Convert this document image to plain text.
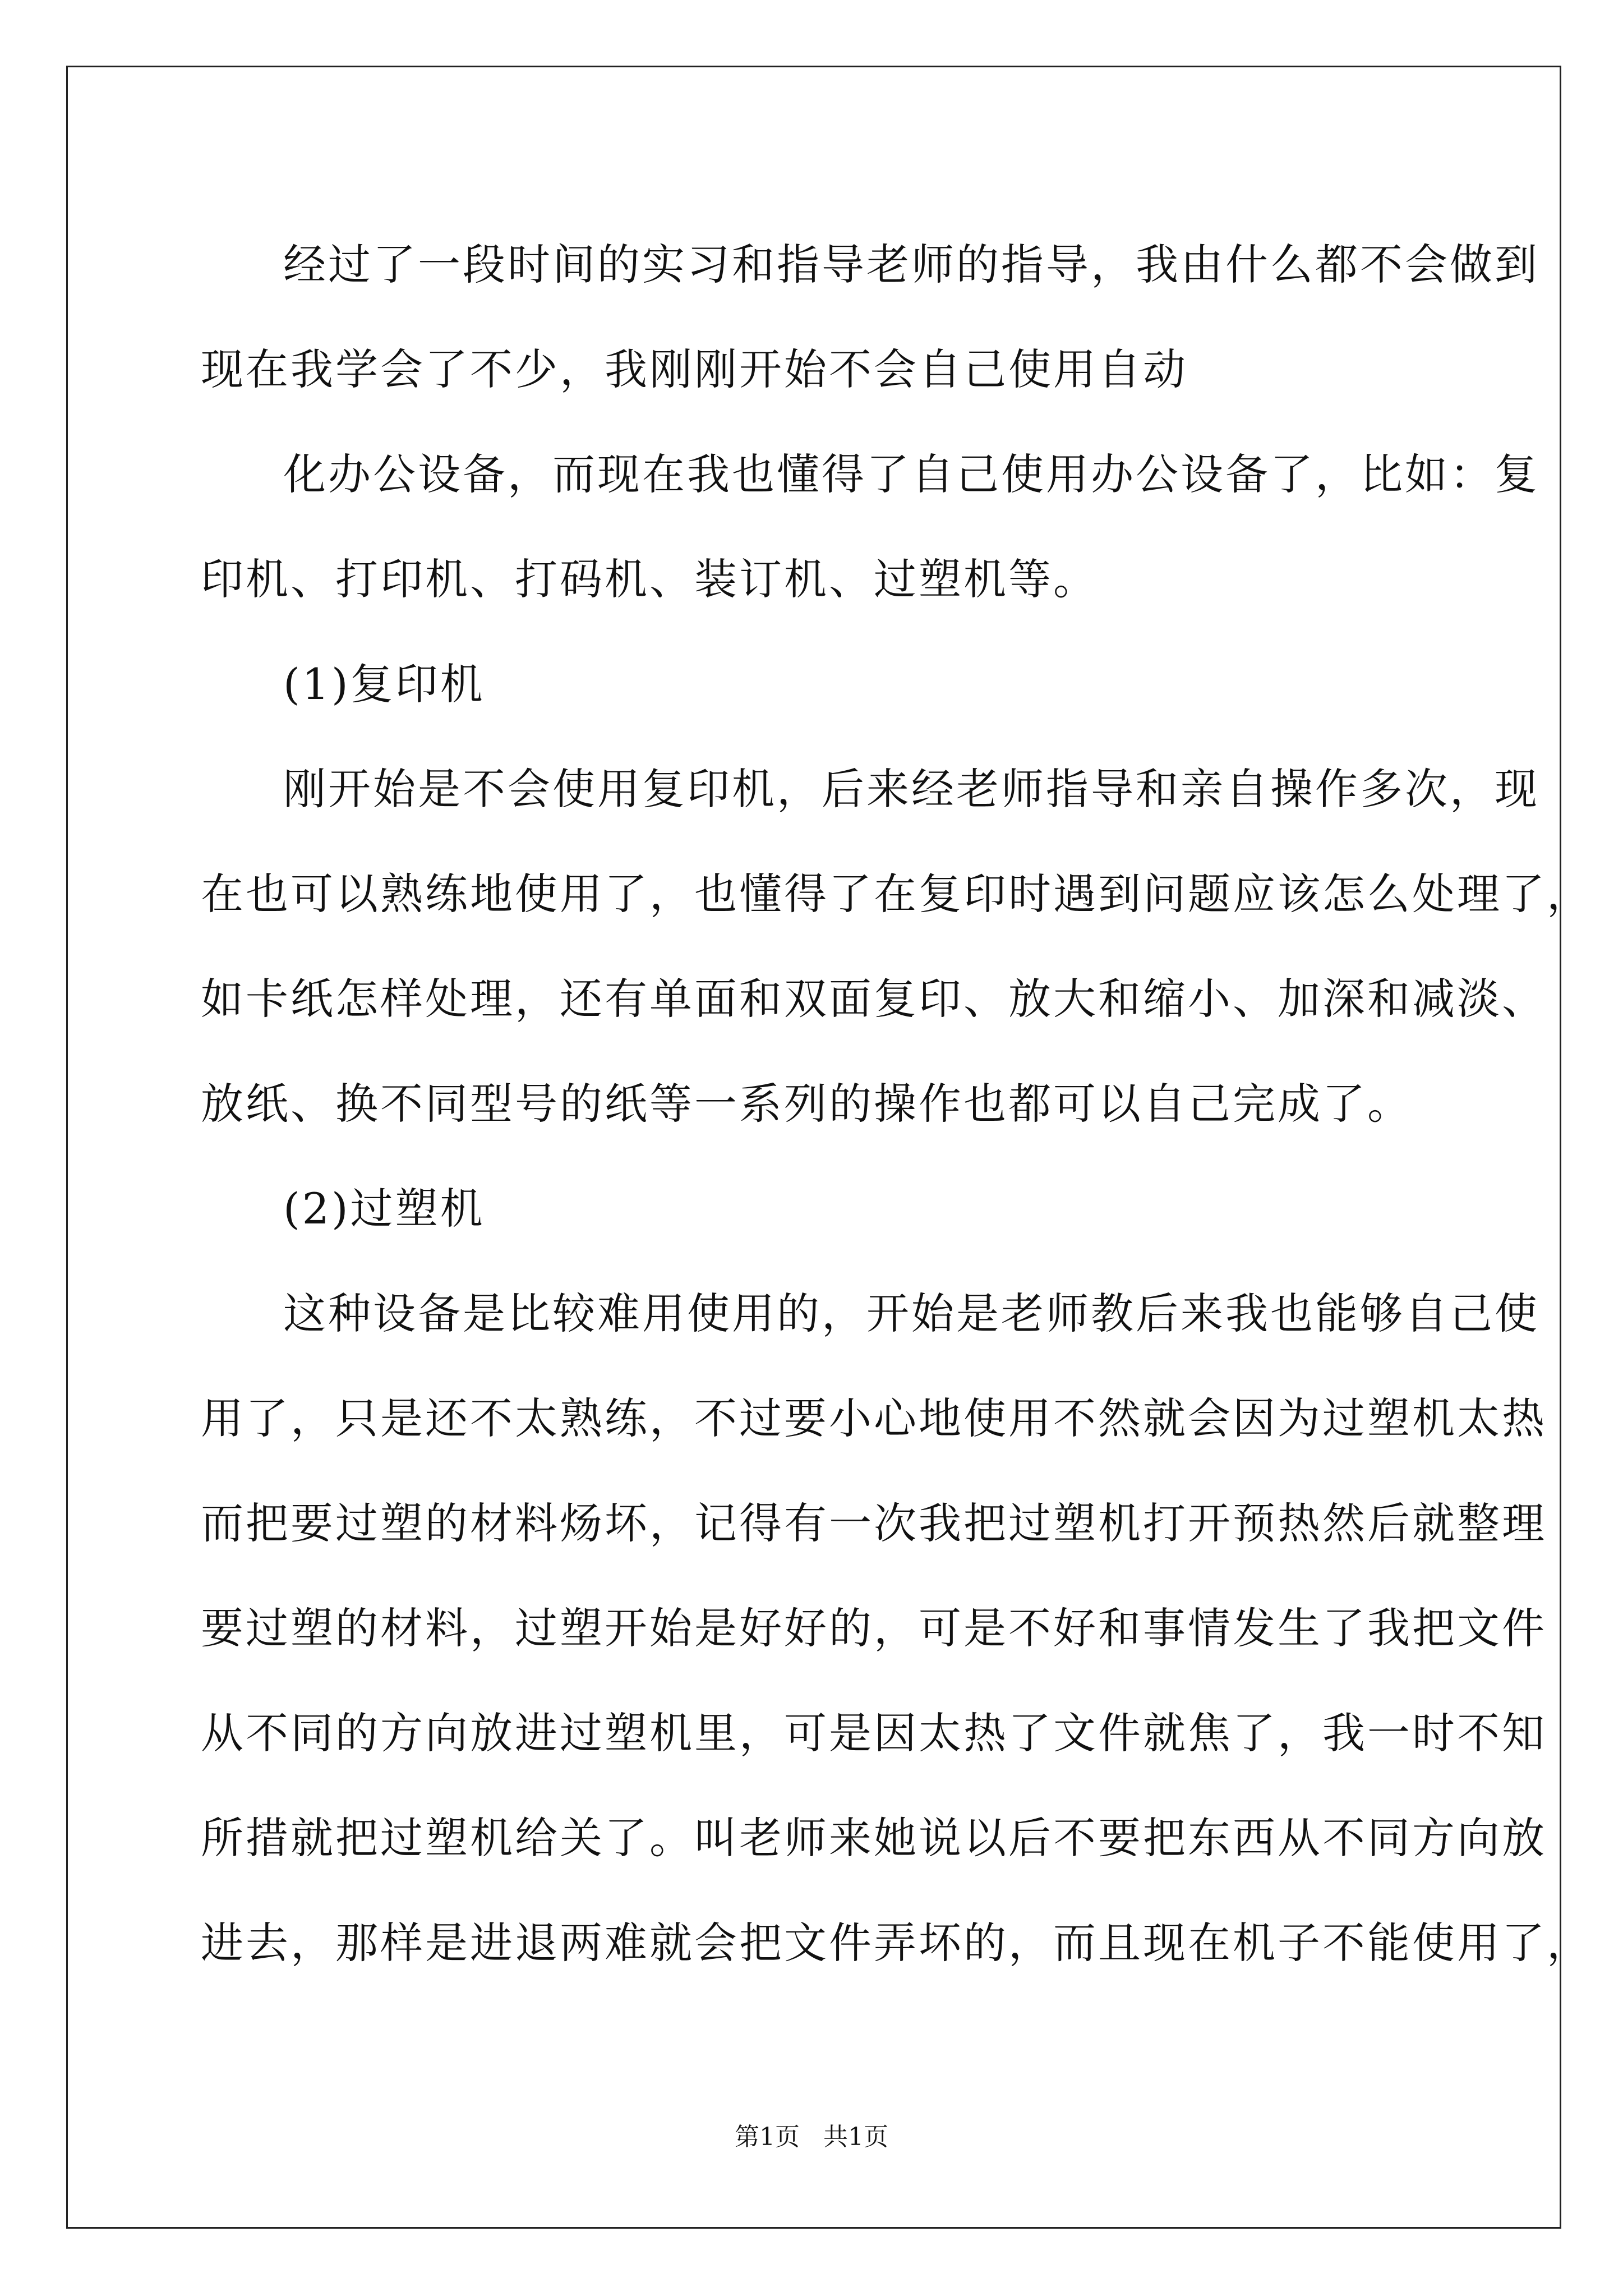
经过了一段时间的实习和指导老师的指导，我由什么都不会做到
现在我学会了不少，我刚刚开始不会自己使用自动
化办公设备，而现在我也懂得了自己使用办公设备了，比如：复
印机、打印机、打码机、装订机、过塑机等。
(1)复印机
刚开始是不会使用复印机，后来经老师指导和亲自操作多次，现
在也可以熟练地使用了，也懂得了在复印时遇到问题应该怎么处理了，
如卡纸怎样处理，还有单面和双面复印、放大和缩小、加深和减淡、
放纸、换不同型号的纸等一系列的操作也都可以自己完成了。
(2)过塑机
这种设备是比较难用使用的，开始是老师教后来我也能够自己使
用了，只是还不太熟练，不过要小心地使用不然就会因为过塑机太热
而把要过塑的材料炀坏，记得有一次我把过塑机打开预热然后就整理
要过塑的材料，过塑开始是好好的，可是不好和事情发生了我把文件
从不同的方向放进过塑机里，可是因太热了文件就焦了，我一时不知
所措就把过塑机给关了。叫老师来她说以后不要把东西从不同方向放
进去，那样是进退两难就会把文件弄坏的，而且现在机子不能使用了，
第1页   共1页
